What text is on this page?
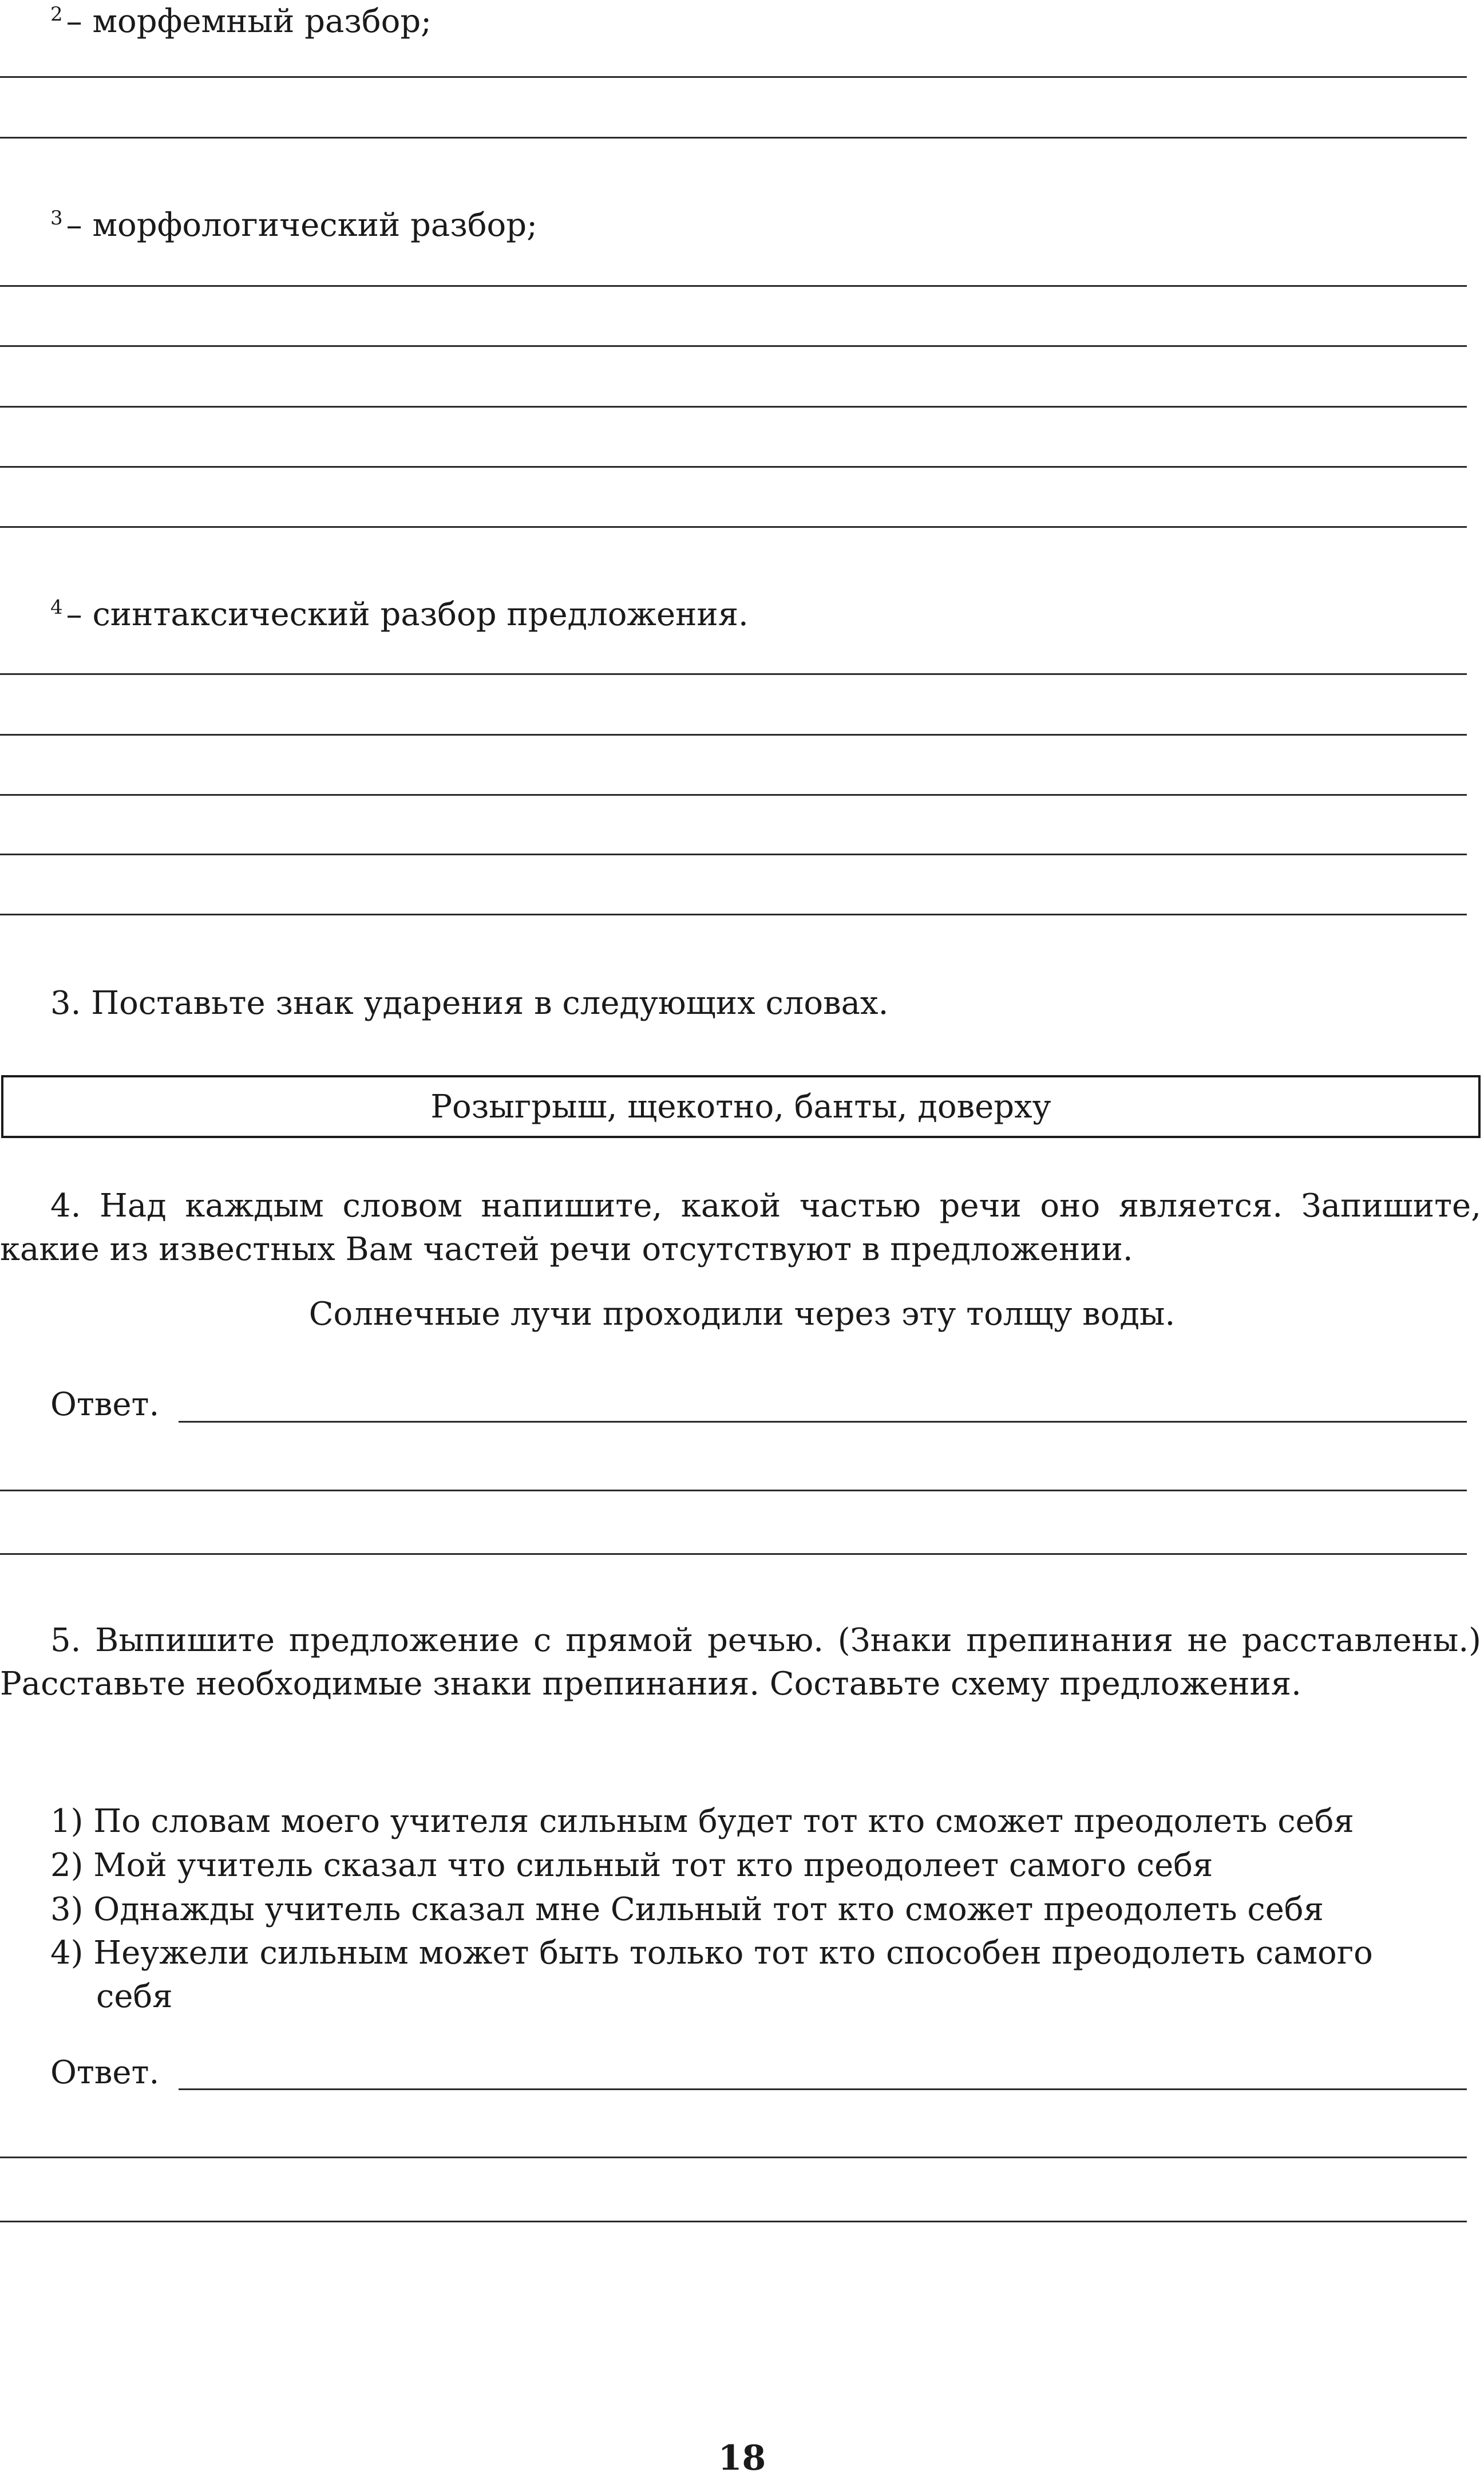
$^2$ – морфемный разбор;
$^3$ – морфологический разбор;
$^4$ – синтаксический разбор предложения.
3. Поставьте знак ударения в следующих словах.
Розыгрыш, щекотно, банты, доверху
4. Над каждым словом напишите, какой частью речи оно является. Запишите, какие из известных Вам частей речи отсутствуют в предложении.
Солнечные лучи проходили через эту толщу воды.
Ответ.
5. Выпишите предложение с прямой речью. (Знаки препинания не расставлены.) Расставьте необходимые знаки препинания. Составьте схему предложения.
1) По словам моего учителя сильным будет тот кто сможет преодолеть себя
2) Мой учитель сказал что сильный тот кто преодолеет самого себя
3) Однажды учитель сказал мне Сильный тот кто сможет преодолеть себя
4) Неужели сильным может быть только тот кто способен преодолеть самого
себя
Ответ.
18
